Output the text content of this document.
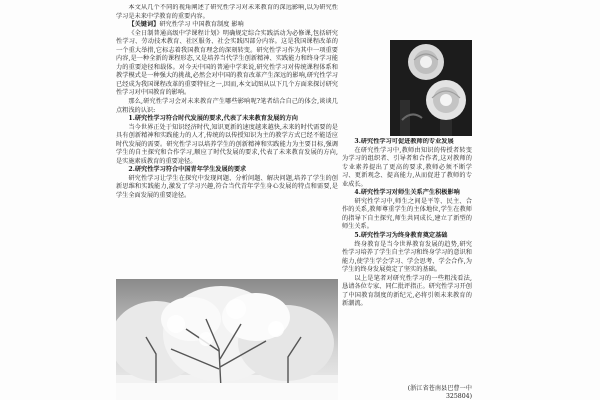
本文从几个不同的视角阐述了研究性学习对未来教育的深远影响,以为研究性学习是未来中学教育的重要内容。

【关键词】研究性学习 中国教育制度 影响

《全日制普通高级中学课程计划》明确规定综合实践活动为必修课,包括研究性学习、劳动技术教育、社区服务、社会实践四部分内容。这是我国课程改革的一个重大举措,它标志着我国教育理念的深刻转变。研究性学习作为其中一项重要内容,是一种全新的课程形态,又是培养当代学生创新精神、实践能力和终身学习能力的重要途径和载体。对今天中国的普通中学来说,研究性学习对传统课程体系和教学模式是一种强大的挑战,必然会对中国的教育改革产生深远的影响,研究性学习已经成为我国课程改革的重要特征之一,因而,本文试图从以下几个方面来探讨研究性学习对中国教育的影响。

那么,研究性学习会对未来教育产生哪些影响呢?笔者结合自己的体会,谈谈几点粗浅的认识:

1.研究性学习符合时代发展的要求,代表了未来教育发展的方向

当今世界正处于知识经济时代,知识更新的速度越来越快,未来的时代需要的是具有创新精神和实践能力的人才,传统的以传授知识为主的教学方式已经不能适应时代发展的需要。研究性学习以培养学生的创新精神和实践能力为主要目标,强调学生的自主探究和合作学习,顺应了时代发展的要求,代表了未来教育发展的方向,是实施素质教育的重要途径。

2.研究性学习符合中国青年学生发展的要求

研究性学习让学生在探究中发现问题、分析问题、解决问题,培养了学生的创新思维和实践能力,激发了学习兴趣,符合当代青年学生身心发展的特点和需要,是学生全面发展的重要途径。

3.研究性学习可促进教师的专业发展

在研究性学习中,教师由知识的传授者转变为学习的组织者、引导者和合作者,这对教师的专业素养提出了更高的要求,教师必须不断学习、更新观念、提高能力,从而促进了教师的专业成长。

4.研究性学习对师生关系产生积极影响

研究性学习中,师生之间是平等、民主、合作的关系,教师尊重学生的主体地位,学生在教师的指导下自主探究,师生共同成长,建立了新型的师生关系。

5.研究性学习为终身教育奠定基础

终身教育是当今世界教育发展的趋势,研究性学习培养了学生自主学习和终身学习的意识和能力,使学生学会学习、学会思考、学会合作,为学生的终身发展奠定了坚实的基础。

以上是笔者对研究性学习的一些粗浅看法,恳请各位专家、同仁批评指正。研究性学习开创了中国教育制度的新纪元,必将引领未来教育的新潮流。

(浙江省苍南县巴曹一中 325804)
